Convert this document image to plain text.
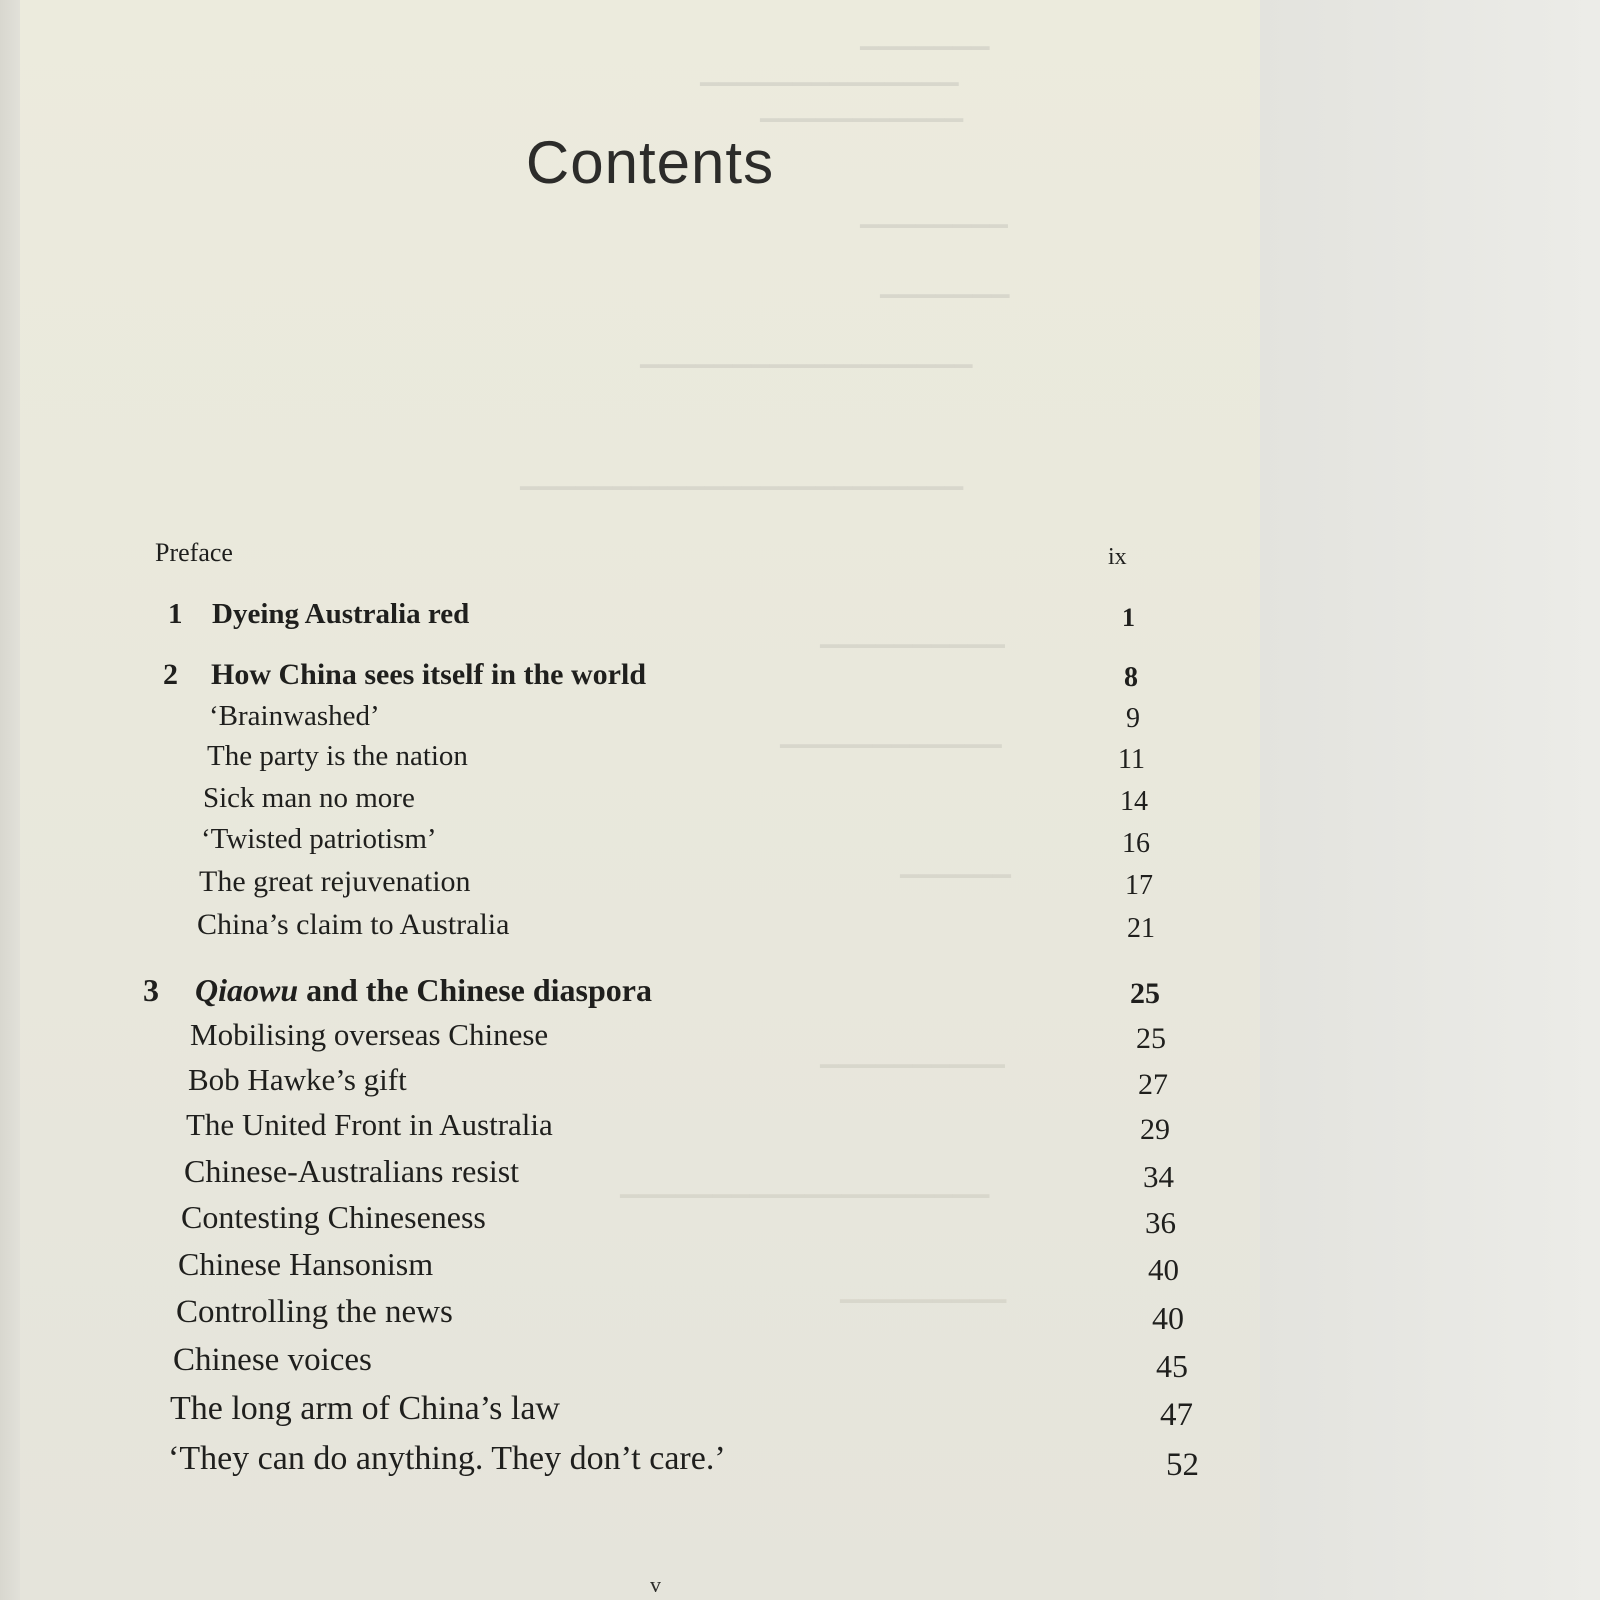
▁▁▁▁▁▁▁
▁▁▁▁▁▁▁▁▁▁▁▁▁▁
▁▁▁▁▁▁▁▁▁▁▁
▁▁▁▁▁▁▁▁
▁▁▁▁▁▁▁
▁▁▁▁▁▁▁▁▁▁▁▁▁▁▁▁▁▁
▁▁▁▁▁▁▁▁▁▁▁▁▁▁▁▁▁▁▁▁▁▁▁▁
▁▁▁▁▁▁▁▁▁▁
▁▁▁▁▁▁▁▁▁▁▁▁
▁▁▁▁▁▁
▁▁▁▁▁▁▁▁▁▁
▁▁▁▁▁▁▁▁▁▁▁▁▁▁▁▁▁▁▁▁
▁▁▁▁▁▁▁▁▁
Contents
Preface	ix
1 Dyeing Australia red	1
2 How China sees itself in the world	8
‘Brainwashed’	9
The party is the nation	11
Sick man no more	14
‘Twisted patriotism’	16
The great rejuvenation	17
China’s claim to Australia	21
3 Qiaowu and the Chinese diaspora	25
Mobilising overseas Chinese	25
Bob Hawke’s gift	27
The United Front in Australia	29
Chinese-Australians resist	34
Contesting Chineseness	36
Chinese Hansonism	40
Controlling the news	40
Chinese voices	45
The long arm of China’s law	47
‘They can do anything. They don’t care.’	52
v
